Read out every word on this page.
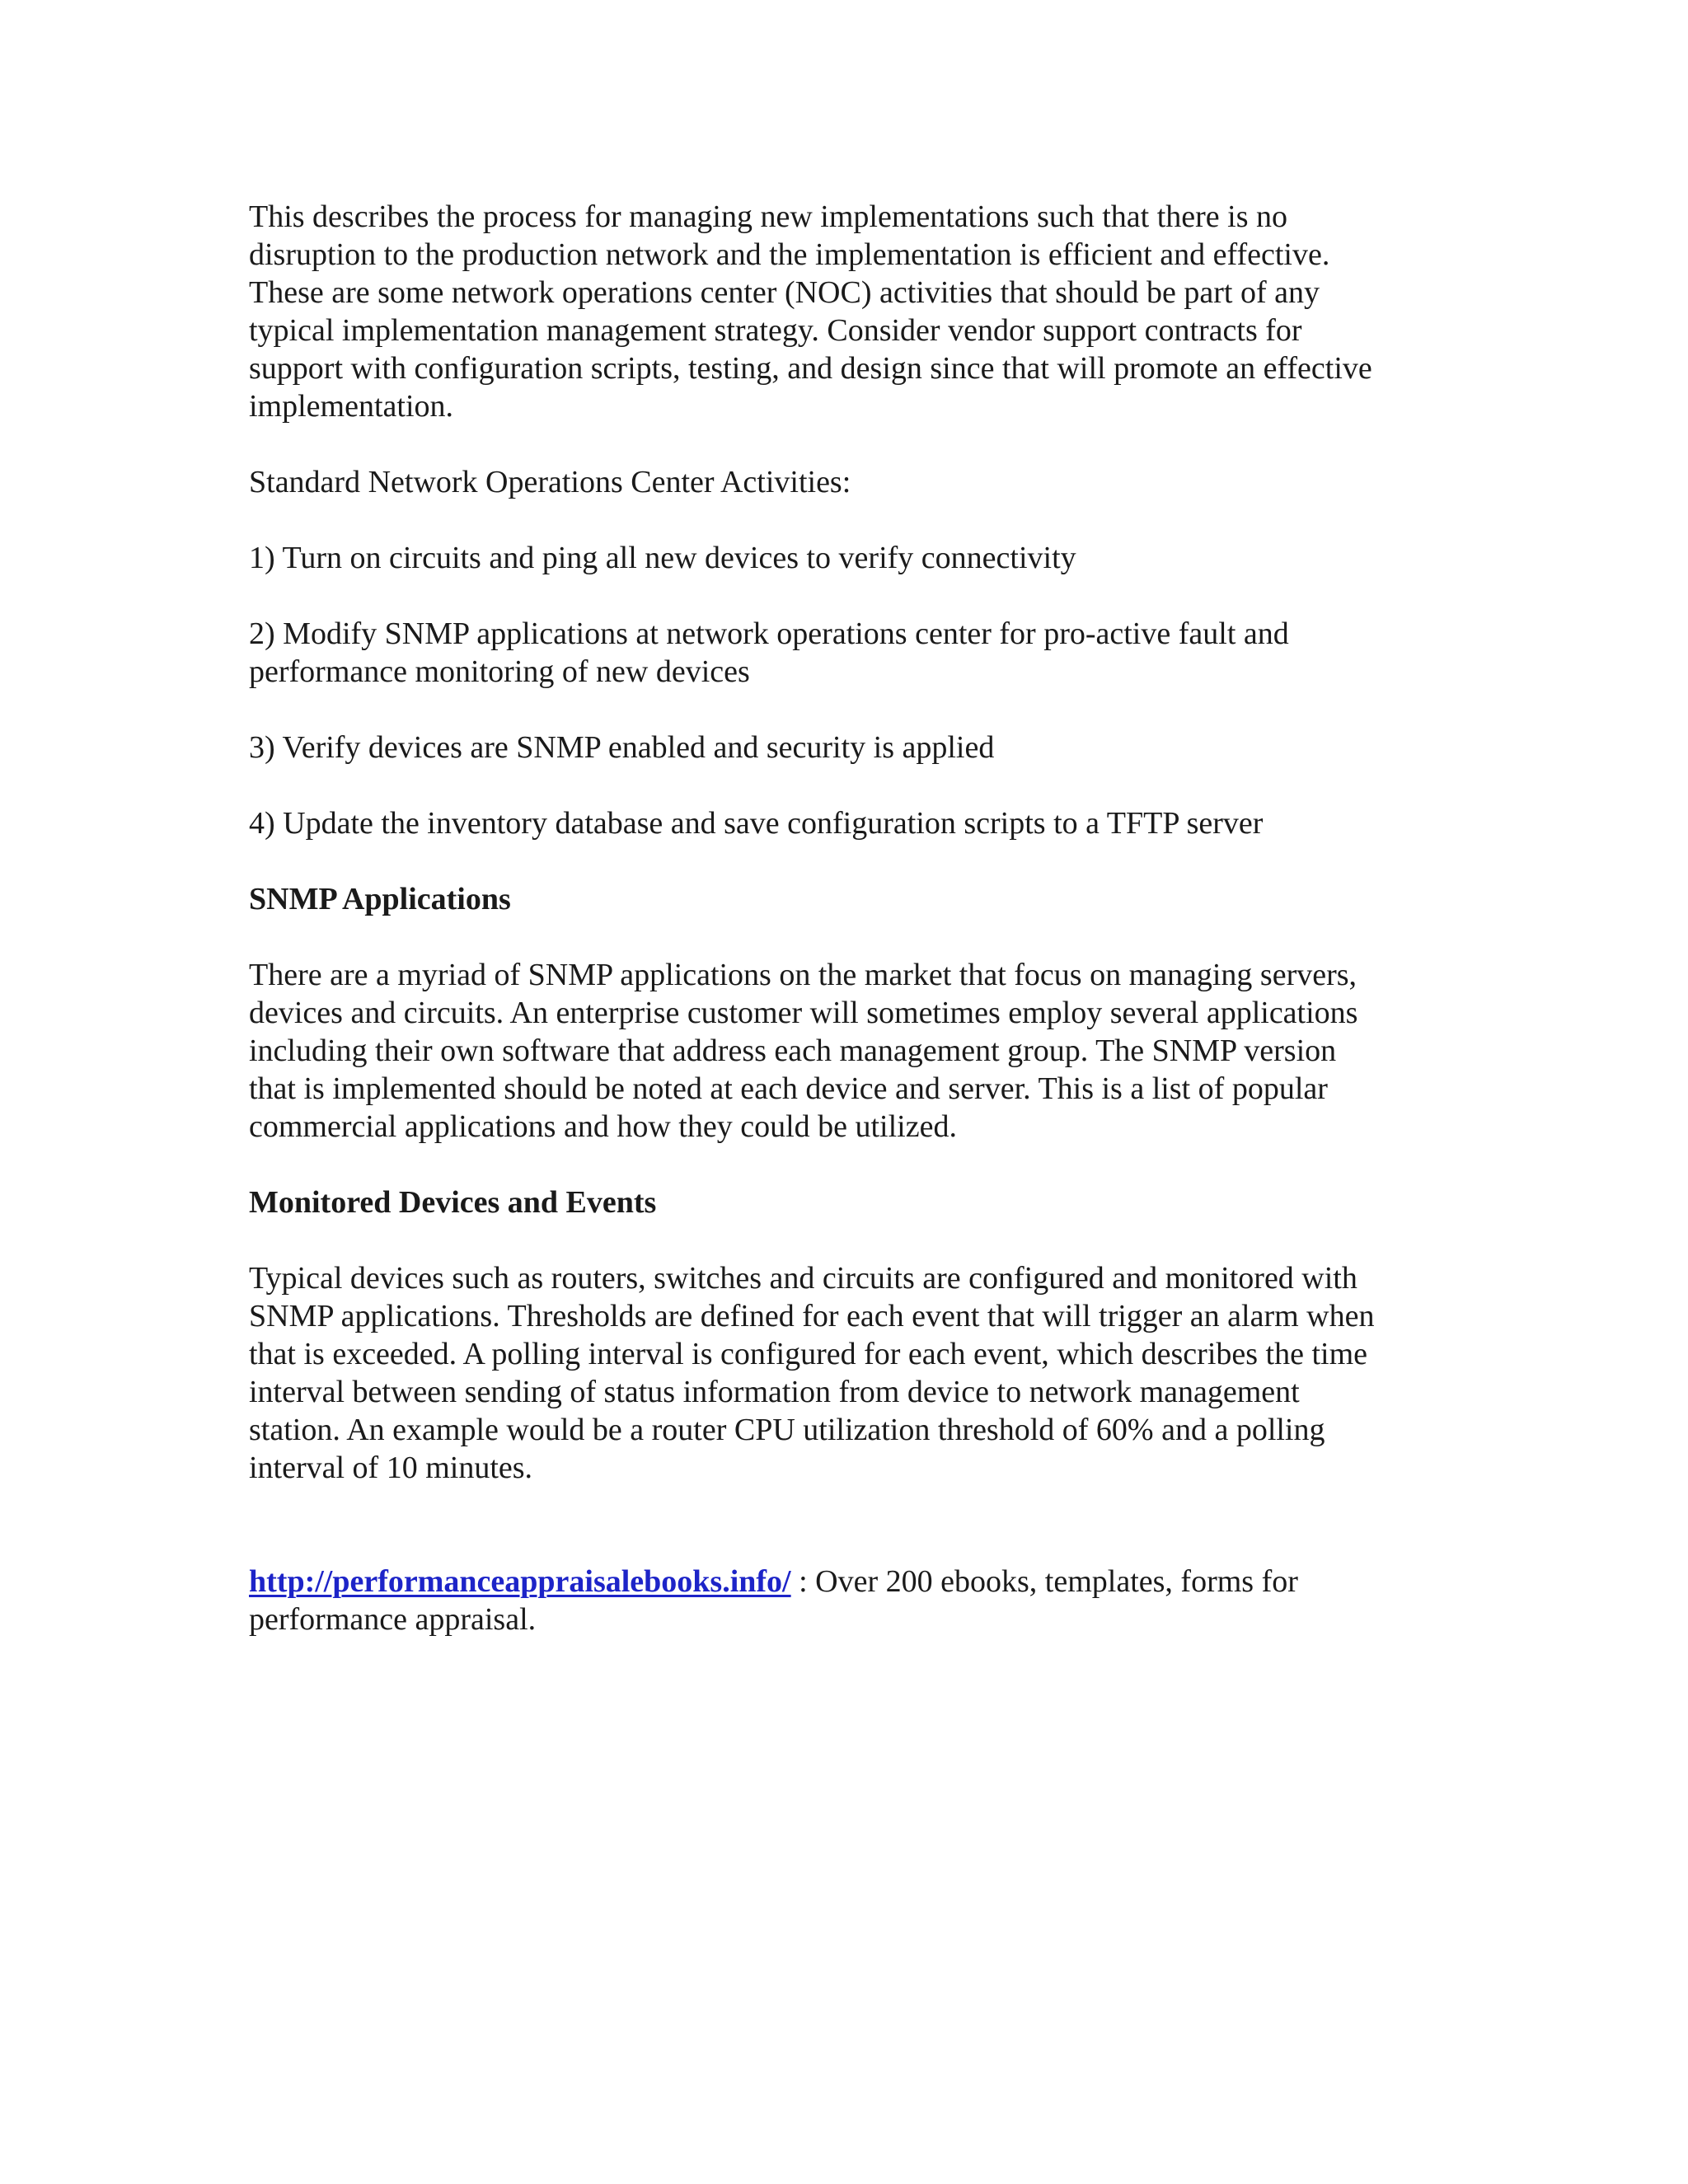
This describes the process for managing new implementations such that there is no
disruption to the production network and the implementation is efficient and effective.
These are some network operations center (NOC) activities that should be part of any
typical implementation management strategy. Consider vendor support contracts for
support with configuration scripts, testing, and design since that will promote an effective
implementation.

Standard Network Operations Center Activities:

1) Turn on circuits and ping all new devices to verify connectivity

2) Modify SNMP applications at network operations center for pro-active fault and
performance monitoring of new devices

3) Verify devices are SNMP enabled and security is applied

4) Update the inventory database and save configuration scripts to a TFTP server

SNMP Applications

There are a myriad of SNMP applications on the market that focus on managing servers,
devices and circuits. An enterprise customer will sometimes employ several applications
including their own software that address each management group. The SNMP version
that is implemented should be noted at each device and server. This is a list of popular
commercial applications and how they could be utilized.

Monitored Devices and Events

Typical devices such as routers, switches and circuits are configured and monitored with
SNMP applications. Thresholds are defined for each event that will trigger an alarm when
that is exceeded. A polling interval is configured for each event, which describes the time
interval between sending of status information from device to network management
station. An example would be a router CPU utilization threshold of 60% and a polling
interval of 10 minutes.

http://performanceappraisalebooks.info/ : Over 200 ebooks, templates, forms for
performance appraisal.
